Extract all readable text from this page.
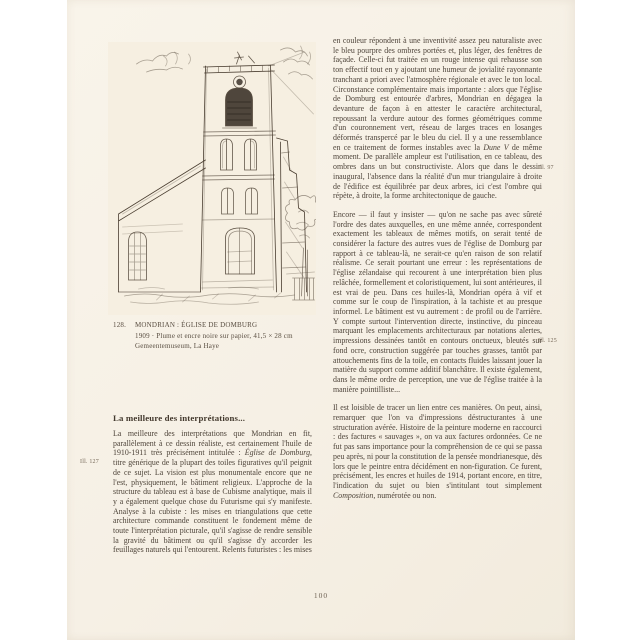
128. MONDRIAN : ÉGLISE DE DOMBURG
1909 · Plume et encre noire sur papier, 41,5 × 28 cm
Gemeentemuseum, La Haye
La meilleure des interprétations...

La meilleure des interprétations que Mondrian en fit, parallèlement à ce dessin réaliste, est certainement l'huile de 1910-1911 très précisément intitulée : Église de Domburg, titre générique de la plupart des toiles figuratives qu'il peignit de ce sujet. La vision est plus monumentale encore que ne l'est, physiquement, le bâtiment religieux. L'approche de la structure du tableau est à base de Cubisme analytique, mais il y a également quelque chose du Futurisme qui s'y manifeste. Analyse à la cubiste : les mises en triangulations que cette architecture commande constituent le fondement même de toute l'interprétation picturale, qu'il s'agisse de rendre sensible la gravité du bâtiment ou qu'il s'agisse d'y accorder les feuillages naturels qui l'entourent. Relents futuristes : les mises

en couleur répondent à une inventivité assez peu naturaliste avec le bleu pourpre des ombres portées et, plus léger, des fenêtres de façade. Celle-ci fut traitée en un rouge intense qui rehausse son ton effectif tout en y ajoutant une humeur de jovialité rayonnante tranchant a priori avec l'atmosphère régionale et avec le ton local. Circonstance complémentaire mais importante : alors que l'église de Domburg est entourée d'arbres, Mondrian en dégagea la devanture de façon à en attester le caractère architectural, repoussant la verdure autour des formes géométriques comme d'un couronnement vert, réseau de larges traces en losanges déformés transpercé par le bleu du ciel. Il y a une ressemblance en ce traitement de formes instables avec la Dune V de même moment. De parallèle ampleur est l'utilisation, en ce tableau, des ombres dans un but constructiviste. Alors que dans le dessin inaugural, l'absence dans la réalité d'un mur triangulaire à droite de l'édifice est équilibrée par deux arbres, ici c'est l'ombre qui répète, à droite, la forme architectonique de gauche.

Encore — il faut y insister — qu'on ne sache pas avec sûreté l'ordre des dates auxquelles, en une même année, correspondent exactement les tableaux de mêmes motifs, on serait tenté de considérer la facture des autres vues de l'église de Domburg par rapport à ce tableau-là, ne serait-ce qu'en raison de son relatif réalisme. Ce serait pourtant une erreur : les représentations de l'église zélandaise qui recourent à une interprétation bien plus relâchée, formellement et coloristiquement, lui sont antérieures, il est vrai de peu. Dans ces huiles-là, Mondrian opéra à vif et comme sur le coup de l'inspiration, à la tachiste et au presque informel. Le bâtiment est vu autrement : de profil ou de l'arrière. Y compte surtout l'intervention directe, instinctive, du pinceau marquant les emplacements architecturaux par notations alertes, impressions dessinées tantôt en contours onctueux, bleutés sur fond ocre, construction suggérée par touches grasses, tantôt par attouchements fins de la toile, en contacts fluides laissant jouer la matière du support comme additif blanchâtre. Il existe également, dans le même ordre de perception, une vue de l'église traitée à la manière pointilliste...

Il est loisible de tracer un lien entre ces manières. On peut, ainsi, remarquer que l'on va d'impressions déstructurantes à une structuration avérée. Histoire de la peinture moderne en raccourci : des factures « sauvages », on va aux factures ordonnées. Ce ne fut pas sans importance pour la compréhension de ce qui se passa peu après, ni pour la constitution de la pensée mondrianesque, dès lors que le peintre entra décidément en non-figuration. Ce furent, précisément, les encres et huiles de 1914, portant encore, en titre, l'indication du sujet ou bien s'intitulant tout simplement Composition, numérotée ou non.

Ill. 127
Ill. 97
Ill. 125
100
